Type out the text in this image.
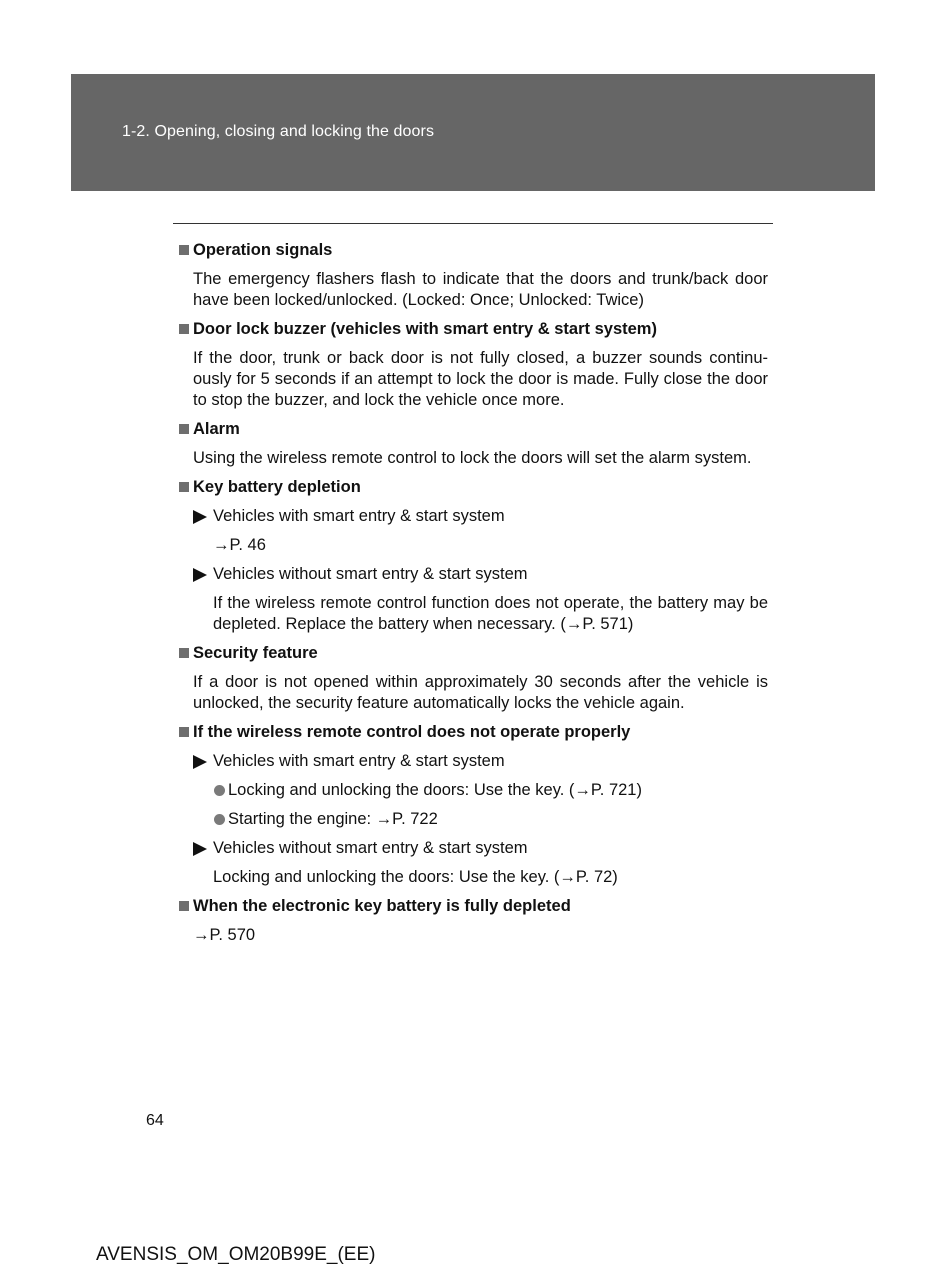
1-2. Opening, closing and locking the doors
Operation signals
The emergency flashers flash to indicate that the doors and trunk/back door have been locked/unlocked. (Locked: Once; Unlocked: Twice)
Door lock buzzer (vehicles with smart entry & start system)
If the door, trunk or back door is not fully closed, a buzzer sounds continu-ously for 5 seconds if an attempt to lock the door is made. Fully close the door to stop the buzzer, and lock the vehicle once more.
Alarm
Using the wireless remote control to lock the doors will set the alarm system.
Key battery depletion
Vehicles with smart entry & start system
→P. 46
Vehicles without smart entry & start system
If the wireless remote control function does not operate, the battery may be depleted. Replace the battery when necessary. (→P. 571)
Security feature
If a door is not opened within approximately 30 seconds after the vehicle is unlocked, the security feature automatically locks the vehicle again.
If the wireless remote control does not operate properly
Vehicles with smart entry & start system
Locking and unlocking the doors: Use the key. (→P. 721)
Starting the engine: →P. 722
Vehicles without smart entry & start system
Locking and unlocking the doors: Use the key. (→P. 72)
When the electronic key battery is fully depleted
→P. 570
64
AVENSIS_OM_OM20B99E_(EE)
